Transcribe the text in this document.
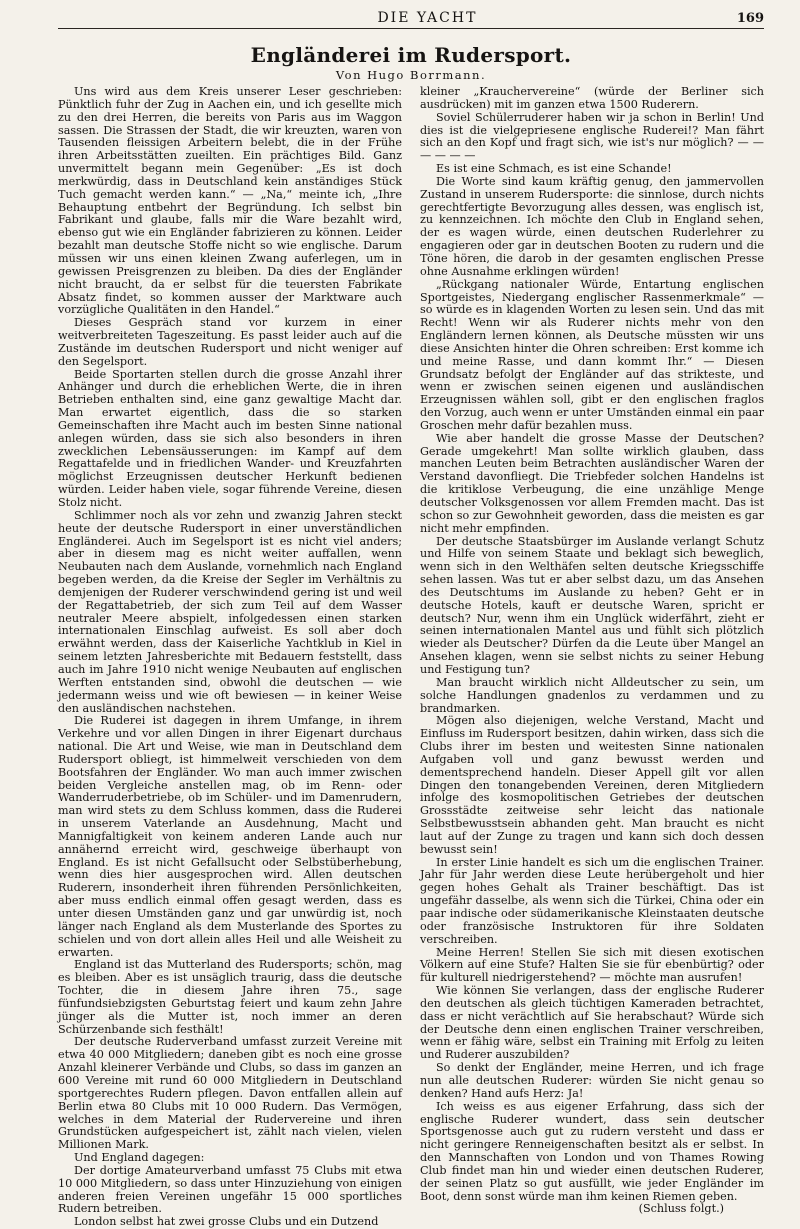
DIE YACHT	169
Engländerei im Rudersport.
Von Hugo Borrmann.

Uns wird aus dem Kreis unserer Leser geschrieben: Pünktlich fuhr der Zug in Aachen ein, und ich gesellte mich zu den drei Herren, die bereits von Paris aus im Waggon sassen. Die Strassen der Stadt, die wir kreuzten, waren von Tausenden fleissigen Arbeitern belebt, die in der Frühe ihren Arbeitsstätten zueilten. Ein prächtiges Bild. Ganz unvermittelt begann mein Gegenüber: „Es ist doch merkwürdig, dass in Deutschland kein anständiges Stück Tuch gemacht werden kann.“ — „Na,“ meinte ich, „Ihre Behauptung entbehrt der Begründung. Ich selbst bin Fabrikant und glaube, falls mir die Ware bezahlt wird, ebenso gut wie ein Engländer fabrizieren zu können. Leider bezahlt man deutsche Stoffe nicht so wie englische. Darum müssen wir uns einen kleinen Zwang auferlegen, um in gewissen Preisgrenzen zu bleiben. Da dies der Engländer nicht braucht, da er selbst für die teuersten Fabrikate Absatz findet, so kommen ausser der Marktware auch vorzügliche Qualitäten in den Handel.“

Dieses Gespräch stand vor kurzem in einer weitverbreiteten Tageszeitung. Es passt leider auch auf die Zustände im deutschen Rudersport und nicht weniger auf den Segelsport.

Beide Sportarten stellen durch die grosse Anzahl ihrer Anhänger und durch die erheblichen Werte, die in ihren Betrieben enthalten sind, eine ganz gewaltige Macht dar. Man erwartet eigentlich, dass die so starken Gemeinschaften ihre Macht auch im besten Sinne national anlegen würden, dass sie sich also besonders in ihren zwecklichen Lebensäusserungen: im Kampf auf dem Regattafelde und in friedlichen Wander- und Kreuzfahrten möglichst Erzeugnissen deutscher Herkunft bedienen würden. Leider haben viele, sogar führende Vereine, diesen Stolz nicht.

Schlimmer noch als vor zehn und zwanzig Jahren steckt heute der deutsche Rudersport in einer unverständlichen Engländerei. Auch im Segelsport ist es nicht viel anders; aber in diesem mag es nicht weiter auffallen, wenn Neubauten nach dem Auslande, vornehmlich nach England begeben werden, da die Kreise der Segler im Verhältnis zu demjenigen der Ruderer verschwindend gering ist und weil der Regattabetrieb, der sich zum Teil auf dem Wasser neutraler Meere abspielt, infolgedessen einen starken internationalen Einschlag aufweist. Es soll aber doch erwähnt werden, dass der Kaiserliche Yachtklub in Kiel in seinem letzten Jahresberichte mit Bedauern feststellt, dass auch im Jahre 1910 nicht wenige Neubauten auf englischen Werften entstanden sind, obwohl die deutschen — wie jedermann weiss und wie oft bewiesen — in keiner Weise den ausländischen nachstehen.

Die Ruderei ist dagegen in ihrem Umfange, in ihrem Verkehre und vor allen Dingen in ihrer Eigenart durchaus national. Die Art und Weise, wie man in Deutschland dem Rudersport obliegt, ist himmelweit verschieden von dem Bootsfahren der Engländer. Wo man auch immer zwischen beiden Vergleiche anstellen mag, ob im Renn- oder Wanderruderbetriebe, ob im Schüler- und im Damenrudern, man wird stets zu dem Schluss kommen, dass die Ruderei in unserem Vaterlande an Ausdehnung, Macht und Mannigfaltigkeit von keinem anderen Lande auch nur annähernd erreicht wird, geschweige überhaupt von England. Es ist nicht Gefallsucht oder Selbstüberhebung, wenn dies hier ausgesprochen wird. Allen deutschen Ruderern, insonderheit ihren führenden Persönlichkeiten, aber muss endlich einmal offen gesagt werden, dass es unter diesen Umständen ganz und gar unwürdig ist, noch länger nach England als dem Musterlande des Sportes zu schielen und von dort allein alles Heil und alle Weisheit zu erwarten.

England ist das Mutterland des Rudersports; schön, mag es bleiben. Aber es ist unsäglich traurig, dass die deutsche Tochter, die in diesem Jahre ihren 75., sage fünfundsiebzigsten Geburtstag feiert und kaum zehn Jahre jünger als die Mutter ist, noch immer an deren Schürzenbande sich festhält!

Der deutsche Ruderverband umfasst zurzeit Vereine mit etwa 40 000 Mitgliedern; daneben gibt es noch eine grosse Anzahl kleinerer Verbände und Clubs, so dass im ganzen an 600 Vereine mit rund 60 000 Mitgliedern in Deutschland sportgerechtes Rudern pflegen. Davon entfallen allein auf Berlin etwa 80 Clubs mit 10 000 Rudern. Das Vermögen, welches in dem Material der Rudervereine und ihren Grundstücken aufgespeichert ist, zählt nach vielen, vielen Millionen Mark.

Und England dagegen:

Der dortige Amateurverband umfasst 75 Clubs mit etwa 10 000 Mitgliedern, so dass unter Hinzuziehung von einigen anderen freien Vereinen ungefähr 15 000 sportliches Rudern betreiben.

London selbst hat zwei grosse Clubs und ein Dutzend

kleiner „Krauchervereine“ (würde der Berliner sich ausdrücken) mit im ganzen etwa 1500 Ruderern.

Soviel Schülerruderer haben wir ja schon in Berlin! Und dies ist die vielgepriesene englische Ruderei!? Man fährt sich an den Kopf und fragt sich, wie ist's nur möglich? — — — — — —

Es ist eine Schmach, es ist eine Schande!

Die Worte sind kaum kräftig genug, den jammervollen Zustand in unserem Rudersporte: die sinnlose, durch nichts gerechtfertigte Bevorzugung alles dessen, was englisch ist, zu kennzeichnen. Ich möchte den Club in England sehen, der es wagen würde, einen deutschen Ruderlehrer zu engagieren oder gar in deutschen Booten zu rudern und die Töne hören, die darob in der gesamten englischen Presse ohne Ausnahme erklingen würden!

„Rückgang nationaler Würde, Entartung englischen Sportgeistes, Niedergang englischer Rassenmerkmale“ — so würde es in klagenden Worten zu lesen sein. Und das mit Recht! Wenn wir als Ruderer nichts mehr von den Engländern lernen können, als Deutsche müssten wir uns diese Ansichten hinter die Ohren schreiben: Erst komme ich und meine Rasse, und dann kommt Ihr.“ — Diesen Grundsatz befolgt der Engländer auf das strikteste, und wenn er zwischen seinen eigenen und ausländischen Erzeugnissen wählen soll, gibt er den englischen fraglos den Vorzug, auch wenn er unter Umständen einmal ein paar Groschen mehr dafür bezahlen muss.

Wie aber handelt die grosse Masse der Deutschen? Gerade umgekehrt! Man sollte wirklich glauben, dass manchen Leuten beim Betrachten ausländischer Waren der Verstand davonfliegt. Die Triebfeder solchen Handelns ist die kritiklose Verbeugung, die eine unzählige Menge deutscher Volksgenossen vor allem Fremden macht. Das ist schon so zur Gewohnheit geworden, dass die meisten es gar nicht mehr empfinden.

Der deutsche Staatsbürger im Auslande verlangt Schutz und Hilfe von seinem Staate und beklagt sich beweglich, wenn sich in den Welthäfen selten deutsche Kriegsschiffe sehen lassen. Was tut er aber selbst dazu, um das Ansehen des Deutschtums im Auslande zu heben? Geht er in deutsche Hotels, kauft er deutsche Waren, spricht er deutsch? Nur, wenn ihm ein Unglück widerfährt, zieht er seinen internationalen Mantel aus und fühlt sich plötzlich wieder als Deutscher? Dürfen da die Leute über Mangel an Ansehen klagen, wenn sie selbst nichts zu seiner Hebung und Festigung tun?

Man braucht wirklich nicht Alldeutscher zu sein, um solche Handlungen gnadenlos zu verdammen und zu brandmarken.

Mögen also diejenigen, welche Verstand, Macht und Einfluss im Rudersport besitzen, dahin wirken, dass sich die Clubs ihrer im besten und weitesten Sinne nationalen Aufgaben voll und ganz bewusst werden und dementsprechend handeln. Dieser Appell gilt vor allen Dingen den tonangebenden Vereinen, deren Mitgliedern infolge des kosmopolitischen Getriebes der deutschen Grossstädte zeitweise sehr leicht das nationale Selbstbewusstsein abhanden geht. Man braucht es nicht laut auf der Zunge zu tragen und kann sich doch dessen bewusst sein!

In erster Linie handelt es sich um die englischen Trainer. Jahr für Jahr werden diese Leute herübergeholt und hier gegen hohes Gehalt als Trainer beschäftigt. Das ist ungefähr dasselbe, als wenn sich die Türkei, China oder ein paar indische oder südamerikanische Kleinstaaten deutsche oder französische Instruktoren für ihre Soldaten verschreiben.

Meine Herren! Stellen Sie sich mit diesen exotischen Völkern auf eine Stufe? Halten Sie sie für ebenbürtig? oder für kulturell niedrigerstehend? — möchte man ausrufen!

Wie können Sie verlangen, dass der englische Ruderer den deutschen als gleich tüchtigen Kameraden betrachtet, dass er nicht verächtlich auf Sie herabschaut? Würde sich der Deutsche denn einen englischen Trainer verschreiben, wenn er fähig wäre, selbst ein Training mit Erfolg zu leiten und Ruderer auszubilden?

So denkt der Engländer, meine Herren, und ich frage nun alle deutschen Ruderer: würden Sie nicht genau so denken? Hand aufs Herz: Ja!

Ich weiss es aus eigener Erfahrung, dass sich der englische Ruderer wundert, dass sein deutscher Sportsgenosse auch gut zu rudern versteht und dass er nicht geringere Renneigenschaften besitzt als er selbst. In den Mannschaften von London und von Thames Rowing Club findet man hin und wieder einen deutschen Ruderer, der seinen Platz so gut ausfüllt, wie jeder Engländer im Boot, denn sonst würde man ihm keinen Riemen geben.

(Schluss folgt.)
